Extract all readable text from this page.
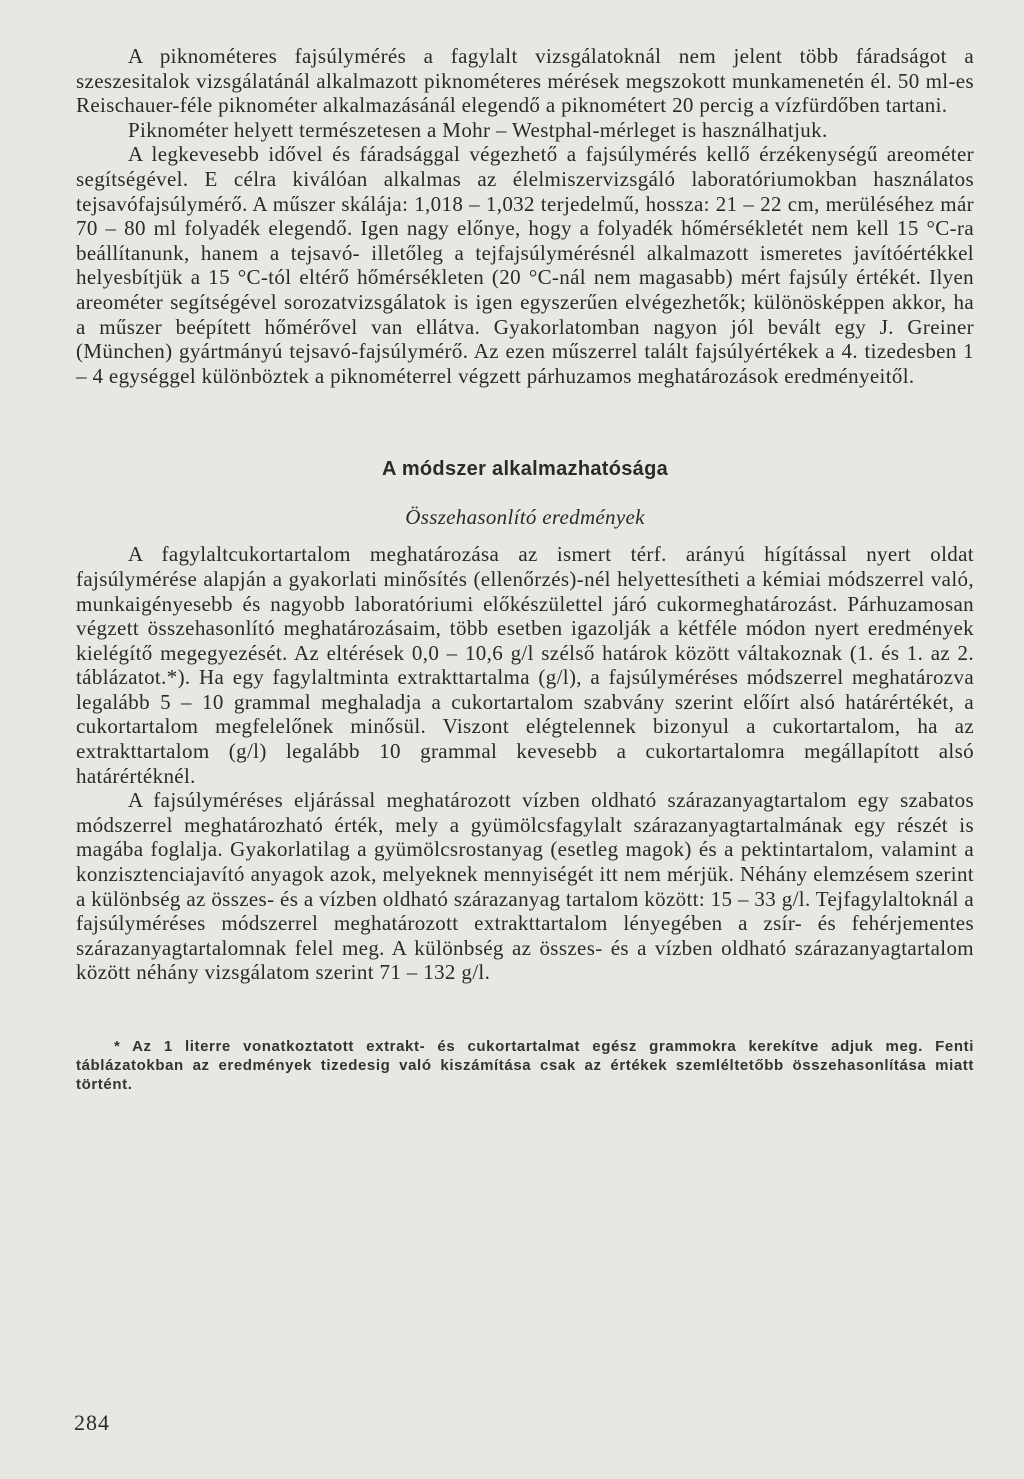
A piknométeres fajsúlymérés a fagylalt vizsgálatoknál nem jelent több fáradságot a szeszesitalok vizsgálatánál alkalmazott piknométeres mérések megszokott munkamenetén él. 50 ml-es Reischauer-féle piknométer alkalmazásánál elegendő a piknométert 20 percig a vízfürdőben tartani.

Piknométer helyett természetesen a Mohr – Westphal-mérleget is használhatjuk.

A legkevesebb idővel és fáradsággal végezhető a fajsúlymérés kellő érzékenységű areométer segítségével. E célra kiválóan alkalmas az élelmiszervizsgáló laboratóriumokban használatos tejsavófajsúlymérő. A műszer skálája: 1,018 – 1,032 terjedelmű, hossza: 21 – 22 cm, merüléséhez már 70 – 80 ml folyadék elegendő. Igen nagy előnye, hogy a folyadék hőmérsékletét nem kell 15 °C-ra beállítanunk, hanem a tejsavó- illetőleg a tejfajsúlymérésnél alkalmazott ismeretes javítóértékkel helyesbítjük a 15 °C-tól eltérő hőmérsékleten (20 °C-nál nem magasabb) mért fajsúly értékét. Ilyen areométer segítségével sorozatvizsgálatok is igen egyszerűen elvégezhetők; különösképpen akkor, ha a műszer beépített hőmérővel van ellátva. Gyakorlatomban nagyon jól bevált egy J. Greiner (München) gyártmányú tejsavó-fajsúlymérő. Az ezen műszerrel talált fajsúlyértékek a 4. tizedesben 1 – 4 egységgel különböztek a piknométerrel végzett párhuzamos meghatározások eredményeitől.

A módszer alkalmazhatósága
Összehasonlító eredmények

A fagylaltcukortartalom meghatározása az ismert térf. arányú hígítással nyert oldat fajsúlymérése alapján a gyakorlati minősítés (ellenőrzés)-nél helyettesítheti a kémiai módszerrel való, munkaigényesebb és nagyobb laboratóriumi előkészülettel járó cukormeghatározást. Párhuzamosan végzett összehasonlító meghatározásaim, több esetben igazolják a kétféle módon nyert eredmények kielégítő megegyezését. Az eltérések 0,0 – 10,6 g/l szélső határok között váltakoznak (1. és 1. az 2. táblázatot.*). Ha egy fagylaltminta extrakttartalma (g/l), a fajsúlyméréses módszerrel meghatározva legalább 5 – 10 grammal meghaladja a cukortartalom szabvány szerint előírt alsó határértékét, a cukortartalom megfelelőnek minősül. Viszont elégtelennek bizonyul a cukortartalom, ha az extrakttartalom (g/l) legalább 10 grammal kevesebb a cukortartalomra megállapított alsó határértéknél.

A fajsúlyméréses eljárással meghatározott vízben oldható szárazanyagtartalom egy szabatos módszerrel meghatározható érték, mely a gyümölcsfagylalt szárazanyagtartalmának egy részét is magába foglalja. Gyakorlatilag a gyümölcsrostanyag (esetleg magok) és a pektintartalom, valamint a konzisztenciajavító anyagok azok, melyeknek mennyiségét itt nem mérjük. Néhány elemzésem szerint a különbség az összes- és a vízben oldható szárazanyag tartalom között: 15 – 33 g/l. Tejfagylaltoknál a fajsúlyméréses módszerrel meghatározott extrakttartalom lényegében a zsír- és fehérjementes szárazanyagtartalomnak felel meg. A különbség az összes- és a vízben oldható szárazanyagtartalom között néhány vizsgálatom szerint 71 – 132 g/l.

* Az 1 literre vonatkoztatott extrakt- és cukortartalmat egész grammokra kerekítve adjuk meg. Fenti táblázatokban az eredmények tizedesig való kiszámítása csak az értékek szemléltetőbb összehasonlítása miatt történt.

284
